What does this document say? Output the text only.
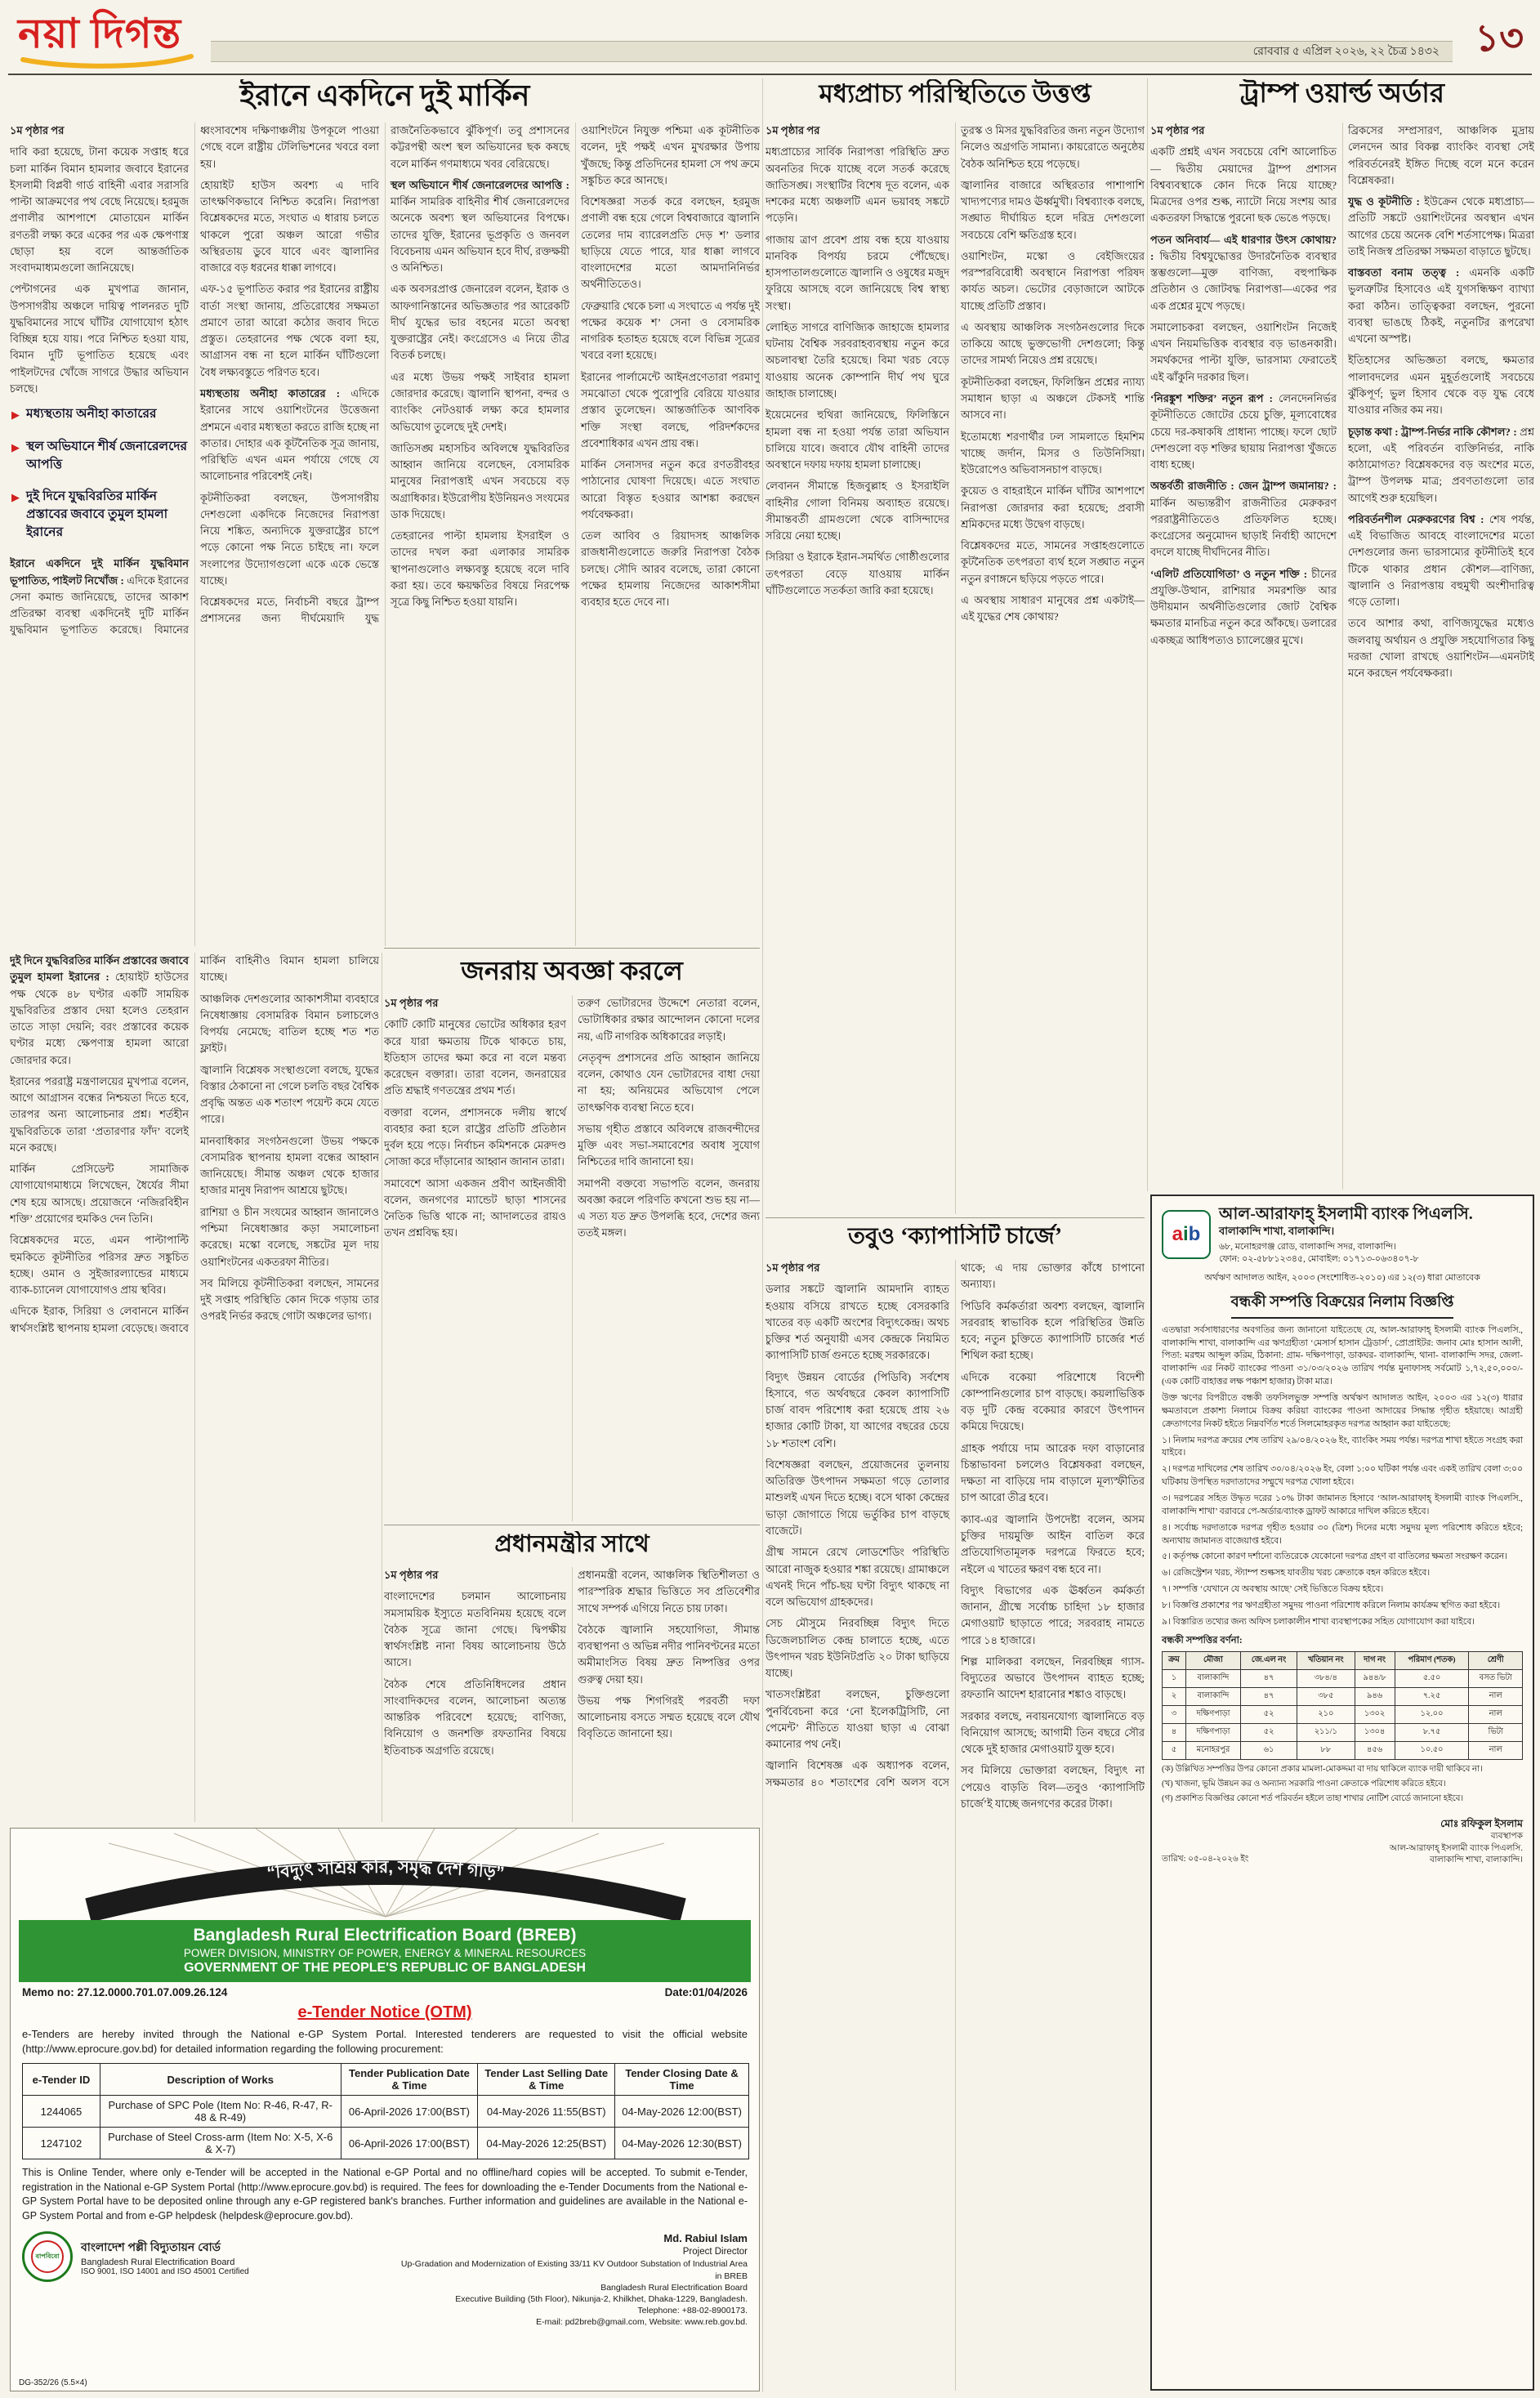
নয়া দিগন্ত	রোববার ৫ এপ্রিল ২০২৬, ২২ চৈত্র ১৪৩২ ১৩
ইরানে একদিনে দুই মার্কিন

১ম পৃষ্ঠার পর

দাবি করা হয়েছে, টানা কয়েক সপ্তাহ ধরে চলা মার্কিন বিমান হামলার জবাবে ইরানের ইসলামী বিপ্লবী গার্ড বাহিনী এবার সরাসরি পাল্টা আক্রমণের পথ বেছে নিয়েছে। হরমুজ প্রণালীর আশপাশে মোতায়েন মার্কিন রণতরী লক্ষ্য করে একের পর এক ক্ষেপণাস্ত্র ছোড়া হয় বলে আন্তর্জাতিক সংবাদমাধ্যমগুলো জানিয়েছে।

পেন্টাগনের এক মুখপাত্র জানান, উপসাগরীয় অঞ্চলে দায়িত্ব পালনরত দুটি যুদ্ধবিমানের সাথে ঘাঁটির যোগাযোগ হঠাৎ বিচ্ছিন্ন হয়ে যায়। পরে নিশ্চিত হওয়া যায়, বিমান দুটি ভূপাতিত হয়েছে এবং পাইলটদের খোঁজে সাগরে উদ্ধার অভিযান চলছে।

▶ মধ্যস্থতায় অনীহা কাতারের
▶ স্থল অভিযানে শীর্ষ জেনারেলদের আপত্তি
▶ দুই দিনে যুদ্ধবিরতির মার্কিন প্রস্তাবের জবাবে তুমুল হামলা ইরানের

ইরানে একদিনে দুই মার্কিন যুদ্ধবিমান ভূপাতিত, পাইলট নিখোঁজ : এদিকে ইরানের সেনা কমান্ড জানিয়েছে, তাদের আকাশ প্রতিরক্ষা ব্যবস্থা একদিনেই দুটি মার্কিন যুদ্ধবিমান ভূপাতিত করেছে। বিমানের ধ্বংসাবশেষ দক্ষিণাঞ্চলীয় উপকূলে পাওয়া গেছে বলে রাষ্ট্রীয় টেলিভিশনের খবরে বলা হয়।

হোয়াইট হাউস অবশ্য এ দাবি তাৎক্ষণিকভাবে নিশ্চিত করেনি। নিরাপত্তা বিশ্লেষকদের মতে, সংঘাত এ ধারায় চলতে থাকলে পুরো অঞ্চল আরো গভীর অস্থিরতায় ডুবে যাবে এবং জ্বালানির বাজারে বড় ধরনের ধাক্কা লাগবে।

এফ-১৫ ভূপাতিত করার পর ইরানের রাষ্ট্রীয় বার্তা সংস্থা জানায়, প্রতিরোধের সক্ষমতা প্রমাণে তারা আরো কঠোর জবাব দিতে প্রস্তুত। তেহরানের পক্ষ থেকে বলা হয়, আগ্রাসন বন্ধ না হলে মার্কিন ঘাঁটিগুলো বৈধ লক্ষ্যবস্তুতে পরিণত হবে।

মধ্যস্থতায় অনীহা কাতারের : এদিকে ইরানের সাথে ওয়াশিংটনের উত্তেজনা প্রশমনে এবার মধ্যস্থতা করতে রাজি হচ্ছে না কাতার। দোহার এক কূটনৈতিক সূত্র জানায়, পরিস্থিতি এখন এমন পর্যায়ে গেছে যে আলোচনার পরিবেশই নেই।

কূটনীতিকরা বলছেন, উপসাগরীয় দেশগুলো একদিকে নিজেদের নিরাপত্তা নিয়ে শঙ্কিত, অন্যদিকে যুক্তরাষ্ট্রের চাপে পড়ে কোনো পক্ষ নিতে চাইছে না। ফলে সংলাপের উদ্যোগগুলো একে একে ভেস্তে যাচ্ছে।

বিশ্লেষকদের মতে, নির্বাচনী বছরে ট্রাম্প প্রশাসনের জন্য দীর্ঘমেয়াদি যুদ্ধ রাজনৈতিকভাবে ঝুঁকিপূর্ণ। তবু প্রশাসনের কট্টরপন্থী অংশ স্থল অভিযানের ছক কষছে বলে মার্কিন গণমাধ্যমে খবর বেরিয়েছে।

স্থল অভিযানে শীর্ষ জেনারেলদের আপত্তি : মার্কিন সামরিক বাহিনীর শীর্ষ জেনারেলদের অনেকে অবশ্য স্থল অভিযানের বিপক্ষে। তাদের যুক্তি, ইরানের ভূপ্রকৃতি ও জনবল বিবেচনায় এমন অভিযান হবে দীর্ঘ, রক্তক্ষয়ী ও অনিশ্চিত।

এক অবসরপ্রাপ্ত জেনারেল বলেন, ইরাক ও আফগানিস্তানের অভিজ্ঞতার পর আরেকটি দীর্ঘ যুদ্ধের ভার বহনের মতো অবস্থা যুক্তরাষ্ট্রের নেই। কংগ্রেসেও এ নিয়ে তীব্র বিতর্ক চলছে।

এর মধ্যে উভয় পক্ষই সাইবার হামলা জোরদার করেছে। জ্বালানি স্থাপনা, বন্দর ও ব্যাংকিং নেটওয়ার্ক লক্ষ্য করে হামলার অভিযোগ তুলেছে দুই দেশই।

জাতিসঙ্ঘ মহাসচিব অবিলম্বে যুদ্ধবিরতির আহ্বান জানিয়ে বলেছেন, বেসামরিক মানুষের নিরাপত্তাই এখন সবচেয়ে বড় অগ্রাধিকার। ইউরোপীয় ইউনিয়নও সংযমের ডাক দিয়েছে।

তেহরানের পাল্টা হামলায় ইসরাইল ও তাদের দখল করা এলাকার সামরিক স্থাপনাগুলোও লক্ষ্যবস্তু হয়েছে বলে দাবি করা হয়। তবে ক্ষয়ক্ষতির বিষয়ে নিরপেক্ষ সূত্রে কিছু নিশ্চিত হওয়া যায়নি।

ওয়াশিংটনে নিযুক্ত পশ্চিমা এক কূটনীতিক বলেন, দুই পক্ষই এখন মুখরক্ষার উপায় খুঁজছে; কিন্তু প্রতিদিনের হামলা সে পথ ক্রমে সঙ্কুচিত করে আনছে।

বিশেষজ্ঞরা সতর্ক করে বলছেন, হরমুজ প্রণালী বন্ধ হয়ে গেলে বিশ্ববাজারে জ্বালানি তেলের দাম ব্যারেলপ্রতি দেড় শ’ ডলার ছাড়িয়ে যেতে পারে, যার ধাক্কা লাগবে বাংলাদেশের মতো আমদানিনির্ভর অর্থনীতিতেও।

ফেব্রুয়ারি থেকে চলা এ সংঘাতে এ পর্যন্ত দুই পক্ষের কয়েক শ’ সেনা ও বেসামরিক নাগরিক হতাহত হয়েছে বলে বিভিন্ন সূত্রের খবরে বলা হয়েছে।

ইরানের পার্লামেন্টে আইনপ্রণেতারা পরমাণু সমঝোতা থেকে পুরোপুরি বেরিয়ে যাওয়ার প্রস্তাব তুলেছেন। আন্তর্জাতিক আণবিক শক্তি সংস্থা বলছে, পরিদর্শকদের প্রবেশাধিকার এখন প্রায় বন্ধ।

মার্কিন সেনাসদর নতুন করে রণতরীবহর পাঠানোর ঘোষণা দিয়েছে। এতে সংঘাত আরো বিস্তৃত হওয়ার আশঙ্কা করছেন পর্যবেক্ষকরা।

তেল আবিব ও রিয়াদসহ আঞ্চলিক রাজধানীগুলোতে জরুরি নিরাপত্তা বৈঠক চলছে। সৌদি আরব বলেছে, তারা কোনো পক্ষের হামলায় নিজেদের আকাশসীমা ব্যবহার হতে দেবে না।

দুই দিনে যুদ্ধবিরতির মার্কিন প্রস্তাবের জবাবে তুমুল হামলা ইরানের : হোয়াইট হাউসের পক্ষ থেকে ৪৮ ঘণ্টার একটি সাময়িক যুদ্ধবিরতির প্রস্তাব দেয়া হলেও তেহরান তাতে সাড়া দেয়নি; বরং প্রস্তাবের কয়েক ঘণ্টার মধ্যে ক্ষেপণাস্ত্র হামলা আরো জোরদার করে।

ইরানের পররাষ্ট্র মন্ত্রণালয়ের মুখপাত্র বলেন, আগে আগ্রাসন বন্ধের নিশ্চয়তা দিতে হবে, তারপর অন্য আলোচনার প্রশ্ন। শর্তহীন যুদ্ধবিরতিকে তারা ‘প্রতারণার ফাঁদ’ বলেই মনে করছে।

মার্কিন প্রেসিডেন্ট সামাজিক যোগাযোগমাধ্যমে লিখেছেন, ধৈর্যের সীমা শেষ হয়ে আসছে। প্রয়োজনে ‘নজিরবিহীন শক্তি’ প্রয়োগের হুমকিও দেন তিনি।

বিশ্লেষকদের মতে, এমন পাল্টাপাল্টি হুমকিতে কূটনীতির পরিসর দ্রুত সঙ্কুচিত হচ্ছে। ওমান ও সুইজারল্যান্ডের মাধ্যমে ব্যাক-চ্যানেল যোগাযোগও প্রায় স্থবির।

এদিকে ইরাক, সিরিয়া ও লেবাননে মার্কিন স্বার্থসংশ্লিষ্ট স্থাপনায় হামলা বেড়েছে। জবাবে মার্কিন বাহিনীও বিমান হামলা চালিয়ে যাচ্ছে।

আঞ্চলিক দেশগুলোর আকাশসীমা ব্যবহারে নিষেধাজ্ঞায় বেসামরিক বিমান চলাচলেও বিপর্যয় নেমেছে; বাতিল হচ্ছে শত শত ফ্লাইট।

জ্বালানি বিশ্লেষক সংস্থাগুলো বলছে, যুদ্ধের বিস্তার ঠেকানো না গেলে চলতি বছর বৈশ্বিক প্রবৃদ্ধি অন্তত এক শতাংশ পয়েন্ট কমে যেতে পারে।

মানবাধিকার সংগঠনগুলো উভয় পক্ষকে বেসামরিক স্থাপনায় হামলা বন্ধের আহ্বান জানিয়েছে। সীমান্ত অঞ্চল থেকে হাজার হাজার মানুষ নিরাপদ আশ্রয়ে ছুটছে।

রাশিয়া ও চীন সংযমের আহ্বান জানালেও পশ্চিমা নিষেধাজ্ঞার কড়া সমালোচনা করেছে। মস্কো বলেছে, সঙ্কটের মূল দায় ওয়াশিংটনের একতরফা নীতির।

সব মিলিয়ে কূটনীতিকরা বলছেন, সামনের দুই সপ্তাহ পরিস্থিতি কোন দিকে গড়ায় তার ওপরই নির্ভর করছে গোটা অঞ্চলের ভাগ্য।

জনরায় অবজ্ঞা করলে

১ম পৃষ্ঠার পর

কোটি কোটি মানুষের ভোটের অধিকার হরণ করে যারা ক্ষমতায় টিকে থাকতে চায়, ইতিহাস তাদের ক্ষমা করে না বলে মন্তব্য করেছেন বক্তারা। তারা বলেন, জনরায়ের প্রতি শ্রদ্ধাই গণতন্ত্রের প্রথম শর্ত।

বক্তারা বলেন, প্রশাসনকে দলীয় স্বার্থে ব্যবহার করা হলে রাষ্ট্রের প্রতিটি প্রতিষ্ঠান দুর্বল হয়ে পড়ে। নির্বাচন কমিশনকে মেরুদণ্ড সোজা করে দাঁড়ানোর আহ্বান জানান তারা।

সমাবেশে আসা একজন প্রবীণ আইনজীবী বলেন, জনগণের ম্যান্ডেট ছাড়া শাসনের নৈতিক ভিত্তি থাকে না; আদালতের রায়ও তখন প্রশ্নবিদ্ধ হয়।

তরুণ ভোটারদের উদ্দেশে নেতারা বলেন, ভোটাধিকার রক্ষার আন্দোলন কোনো দলের নয়, এটি নাগরিক অধিকারের লড়াই।

নেতৃবৃন্দ প্রশাসনের প্রতি আহ্বান জানিয়ে বলেন, কোথাও যেন ভোটারদের বাধা দেয়া না হয়; অনিয়মের অভিযোগ পেলে তাৎক্ষণিক ব্যবস্থা নিতে হবে।

সভায় গৃহীত প্রস্তাবে অবিলম্বে রাজবন্দীদের মুক্তি এবং সভা-সমাবেশের অবাধ সুযোগ নিশ্চিতের দাবি জানানো হয়।

সমাপনী বক্তব্যে সভাপতি বলেন, জনরায় অবজ্ঞা করলে পরিণতি কখনো শুভ হয় না—এ সত্য যত দ্রুত উপলব্ধি হবে, দেশের জন্য ততই মঙ্গল।

প্রধানমন্ত্রীর সাথে

১ম পৃষ্ঠার পর

বাংলাদেশের চলমান আলোচনায় সমসাময়িক ইস্যুতে মতবিনিময় হয়েছে বলে বৈঠক সূত্রে জানা গেছে। দ্বিপক্ষীয় স্বার্থসংশ্লিষ্ট নানা বিষয় আলোচনায় উঠে আসে।

বৈঠক শেষে প্রতিনিধিদলের প্রধান সাংবাদিকদের বলেন, আলোচনা অত্যন্ত আন্তরিক পরিবেশে হয়েছে; বাণিজ্য, বিনিয়োগ ও জনশক্তি রফতানির বিষয়ে ইতিবাচক অগ্রগতি রয়েছে।

প্রধানমন্ত্রী বলেন, আঞ্চলিক স্থিতিশীলতা ও পারস্পরিক শ্রদ্ধার ভিত্তিতে সব প্রতিবেশীর সাথে সম্পর্ক এগিয়ে নিতে চায় ঢাকা।

বৈঠকে জ্বালানি সহযোগিতা, সীমান্ত ব্যবস্থাপনা ও অভিন্ন নদীর পানিবণ্টনের মতো অমীমাংসিত বিষয় দ্রুত নিষ্পত্তির ওপর গুরুত্ব দেয়া হয়।

উভয় পক্ষ শিগগিরই পরবর্তী দফা আলোচনায় বসতে সম্মত হয়েছে বলে যৌথ বিবৃতিতে জানানো হয়।

মধ্যপ্রাচ্য পরিস্থিতিতে উত্তপ্ত

১ম পৃষ্ঠার পর

মধ্যপ্রাচ্যের সার্বিক নিরাপত্তা পরিস্থিতি দ্রুত অবনতির দিকে যাচ্ছে বলে সতর্ক করেছে জাতিসঙ্ঘ। সংস্থাটির বিশেষ দূত বলেন, এক দশকের মধ্যে অঞ্চলটি এমন ভয়াবহ সঙ্কটে পড়েনি।

গাজায় ত্রাণ প্রবেশ প্রায় বন্ধ হয়ে যাওয়ায় মানবিক বিপর্যয় চরমে পৌঁছেছে। হাসপাতালগুলোতে জ্বালানি ও ওষুধের মজুদ ফুরিয়ে আসছে বলে জানিয়েছে বিশ্ব স্বাস্থ্য সংস্থা।

লোহিত সাগরে বাণিজ্যিক জাহাজে হামলার ঘটনায় বৈশ্বিক সরবরাহব্যবস্থায় নতুন করে অচলাবস্থা তৈরি হয়েছে। বিমা খরচ বেড়ে যাওয়ায় অনেক কোম্পানি দীর্ঘ পথ ঘুরে জাহাজ চালাচ্ছে।

ইয়েমেনের হুথিরা জানিয়েছে, ফিলিস্তিনে হামলা বন্ধ না হওয়া পর্যন্ত তারা অভিযান চালিয়ে যাবে। জবাবে যৌথ বাহিনী তাদের অবস্থানে দফায় দফায় হামলা চালাচ্ছে।

লেবানন সীমান্তে হিজবুল্লাহ ও ইসরাইলি বাহিনীর গোলা বিনিময় অব্যাহত রয়েছে। সীমান্তবর্তী গ্রামগুলো থেকে বাসিন্দাদের সরিয়ে নেয়া হচ্ছে।

সিরিয়া ও ইরাকে ইরান-সমর্থিত গোষ্ঠীগুলোর তৎপরতা বেড়ে যাওয়ায় মার্কিন ঘাঁটিগুলোতে সতর্কতা জারি করা হয়েছে।

তুরস্ক ও মিসর যুদ্ধবিরতির জন্য নতুন উদ্যোগ নিলেও অগ্রগতি সামান্য। কায়রোতে অনুষ্ঠেয় বৈঠক অনিশ্চিত হয়ে পড়েছে।

জ্বালানির বাজারে অস্থিরতার পাশাপাশি খাদ্যপণ্যের দামও ঊর্ধ্বমুখী। বিশ্বব্যাংক বলছে, সঙ্ঘাত দীর্ঘায়িত হলে দরিদ্র দেশগুলো সবচেয়ে বেশি ক্ষতিগ্রস্ত হবে।

ওয়াশিংটন, মস্কো ও বেইজিংয়ের পরস্পরবিরোধী অবস্থানে নিরাপত্তা পরিষদ কার্যত অচল। ভেটোর বেড়াজালে আটকে যাচ্ছে প্রতিটি প্রস্তাব।

এ অবস্থায় আঞ্চলিক সংগঠনগুলোর দিকে তাকিয়ে আছে ভুক্তভোগী দেশগুলো; কিন্তু তাদের সামর্থ্য নিয়েও প্রশ্ন রয়েছে।

কূটনীতিকরা বলছেন, ফিলিস্তিন প্রশ্নের ন্যায্য সমাধান ছাড়া এ অঞ্চলে টেকসই শান্তি আসবে না।

ইতোমধ্যে শরণার্থীর ঢল সামলাতে হিমশিম খাচ্ছে জর্দান, মিসর ও তিউনিসিয়া। ইউরোপেও অভিবাসনচাপ বাড়ছে।

কুয়েত ও বাহরাইনে মার্কিন ঘাঁটির আশপাশে নিরাপত্তা জোরদার করা হয়েছে; প্রবাসী শ্রমিকদের মধ্যে উদ্বেগ বাড়ছে।

বিশ্লেষকদের মতে, সামনের সপ্তাহগুলোতে কূটনৈতিক তৎপরতা ব্যর্থ হলে সঙ্ঘাত নতুন নতুন রণাঙ্গনে ছড়িয়ে পড়তে পারে।

এ অবস্থায় সাধারণ মানুষের প্রশ্ন একটাই—এই যুদ্ধের শেষ কোথায়?

তবুও ‘ক্যাপাসিটি চার্জে’

১ম পৃষ্ঠার পর

ডলার সঙ্কটে জ্বালানি আমদানি ব্যাহত হওয়ায় বসিয়ে রাখতে হচ্ছে বেসরকারি খাতের বড় একটি অংশের বিদ্যুৎকেন্দ্র। অথচ চুক্তির শর্ত অনুযায়ী এসব কেন্দ্রকে নিয়মিত ক্যাপাসিটি চার্জ গুনতে হচ্ছে সরকারকে।

বিদ্যুৎ উন্নয়ন বোর্ডের (পিডিবি) সর্বশেষ হিসাবে, গত অর্থবছরে কেবল ক্যাপাসিটি চার্জ বাবদ পরিশোধ করা হয়েছে প্রায় ২৬ হাজার কোটি টাকা, যা আগের বছরের চেয়ে ১৮ শতাংশ বেশি।

বিশেষজ্ঞরা বলছেন, প্রয়োজনের তুলনায় অতিরিক্ত উৎপাদন সক্ষমতা গড়ে তোলার মাশুলই এখন দিতে হচ্ছে। বসে থাকা কেন্দ্রের ভাড়া জোগাতে গিয়ে ভর্তুকির চাপ বাড়ছে বাজেটে।

গ্রীষ্ম সামনে রেখে লোডশেডিং পরিস্থিতি আরো নাজুক হওয়ার শঙ্কা রয়েছে। গ্রামাঞ্চলে এখনই দিনে পাঁচ-ছয় ঘণ্টা বিদ্যুৎ থাকছে না বলে অভিযোগ গ্রাহকদের।

সেচ মৌসুমে নিরবচ্ছিন্ন বিদ্যুৎ দিতে ডিজেলচালিত কেন্দ্র চালাতে হচ্ছে, এতে উৎপাদন খরচ ইউনিটপ্রতি ২০ টাকা ছাড়িয়ে যাচ্ছে।

খাতসংশ্লিষ্টরা বলছেন, চুক্তিগুলো পুনর্বিবেচনা করে ‘নো ইলেকট্রিসিটি, নো পেমেন্ট’ নীতিতে যাওয়া ছাড়া এ বোঝা কমানোর পথ নেই।

জ্বালানি বিশেষজ্ঞ এক অধ্যাপক বলেন, সক্ষমতার ৪০ শতাংশের বেশি অলস বসে থাকে; এ দায় ভোক্তার কাঁধে চাপানো অন্যায্য।

পিডিবি কর্মকর্তারা অবশ্য বলছেন, জ্বালানি সরবরাহ স্বাভাবিক হলে পরিস্থিতির উন্নতি হবে; নতুন চুক্তিতে ক্যাপাসিটি চার্জের শর্ত শিথিল করা হচ্ছে।

এদিকে বকেয়া পরিশোধে বিদেশী কোম্পানিগুলোর চাপ বাড়ছে। কয়লাভিত্তিক বড় দুটি কেন্দ্র বকেয়ার কারণে উৎপাদন কমিয়ে দিয়েছে।

গ্রাহক পর্যায়ে দাম আরেক দফা বাড়ানোর চিন্তাভাবনা চললেও বিশ্লেষকরা বলছেন, দক্ষতা না বাড়িয়ে দাম বাড়ালে মূল্যস্ফীতির চাপ আরো তীব্র হবে।

ক্যাব-এর জ্বালানি উপদেষ্টা বলেন, অসম চুক্তির দায়মুক্তি আইন বাতিল করে প্রতিযোগিতামূলক দরপত্রে ফিরতে হবে; নইলে এ খাতের ক্ষরণ বন্ধ হবে না।

বিদ্যুৎ বিভাগের এক ঊর্ধ্বতন কর্মকর্তা জানান, গ্রীষ্মে সর্বোচ্চ চাহিদা ১৮ হাজার মেগাওয়াট ছাড়াতে পারে; সরবরাহ নামতে পারে ১৪ হাজারে।

শিল্প মালিকরা বলছেন, নিরবচ্ছিন্ন গ্যাস-বিদ্যুতের অভাবে উৎপাদন ব্যাহত হচ্ছে; রফতানি আদেশ হারানোর শঙ্কাও বাড়ছে।

সরকার বলছে, নবায়নযোগ্য জ্বালানিতে বড় বিনিয়োগ আসছে; আগামী তিন বছরে সৌর থেকে দুই হাজার মেগাওয়াট যুক্ত হবে।

সব মিলিয়ে ভোক্তারা বলছেন, বিদ্যুৎ না পেয়েও বাড়তি বিল—তবুও ‘ক্যাপাসিটি চার্জে’ই যাচ্ছে জনগণের করের টাকা।

ট্রাম্প ওয়ার্ল্ড অর্ডার

১ম পৃষ্ঠার পর

একটি প্রশ্নই এখন সবচেয়ে বেশি আলোচিত— দ্বিতীয় মেয়াদের ট্রাম্প প্রশাসন বিশ্বব্যবস্থাকে কোন দিকে নিয়ে যাচ্ছে? মিত্রদের ওপর শুল্ক, ন্যাটো নিয়ে সংশয় আর একতরফা সিদ্ধান্তে পুরনো ছক ভেঙে পড়ছে।

পতন অনিবার্য— এই ধারণার উৎস কোথায়? : দ্বিতীয় বিশ্বযুদ্ধোত্তর উদারনৈতিক ব্যবস্থার স্তম্ভগুলো—মুক্ত বাণিজ্য, বহুপাক্ষিক প্রতিষ্ঠান ও জোটবদ্ধ নিরাপত্তা—একের পর এক প্রশ্নের মুখে পড়ছে।

সমালোচকরা বলছেন, ওয়াশিংটন নিজেই এখন নিয়মভিত্তিক ব্যবস্থার বড় ভাঙনকারী। সমর্থকদের পাল্টা যুক্তি, ভারসাম্য ফেরাতেই এই ঝাঁকুনি দরকার ছিল।

‘নিরঙ্কুশ শক্তির’ নতুন রূপ : লেনদেননির্ভর কূটনীতিতে জোটের চেয়ে চুক্তি, মূল্যবোধের চেয়ে দর-কষাকষি প্রাধান্য পাচ্ছে। ফলে ছোট দেশগুলো বড় শক্তির ছায়ায় নিরাপত্তা খুঁজতে বাধ্য হচ্ছে।

অন্তর্বর্তী রাজনীতি : জেন ট্রাম্প জমানায়? : মার্কিন অভ্যন্তরীণ রাজনীতির মেরুকরণ পররাষ্ট্রনীতিতেও প্রতিফলিত হচ্ছে। কংগ্রেসের অনুমোদন ছাড়াই নির্বাহী আদেশে বদলে যাচ্ছে দীর্ঘদিনের নীতি।

‘এলিট প্রতিযোগিতা’ ও নতুন শক্তি : চীনের প্রযুক্তি-উত্থান, রাশিয়ার সমরশক্তি আর উদীয়মান অর্থনীতিগুলোর জোট বৈশ্বিক ক্ষমতার মানচিত্র নতুন করে আঁকছে। ডলারের একচ্ছত্র আধিপত্যও চ্যালেঞ্জের মুখে।

ব্রিকসের সম্প্রসারণ, আঞ্চলিক মুদ্রায় লেনদেন আর বিকল্প ব্যাংকিং ব্যবস্থা সেই পরিবর্তনেরই ইঙ্গিত দিচ্ছে বলে মনে করেন বিশ্লেষকরা।

যুদ্ধ ও কূটনীতি : ইউক্রেন থেকে মধ্যপ্রাচ্য—প্রতিটি সঙ্কটে ওয়াশিংটনের অবস্থান এখন আগের চেয়ে অনেক বেশি শর্তসাপেক্ষ। মিত্ররা তাই নিজস্ব প্রতিরক্ষা সক্ষমতা বাড়াতে ছুটছে।

বাস্তবতা বনাম তত্ত্ব : এমনকি একটি ভুলত্রুটির হিসাবেও এই যুগসন্ধিক্ষণ ব্যাখ্যা করা কঠিন। তাত্ত্বিকরা বলছেন, পুরনো ব্যবস্থা ভাঙছে ঠিকই, নতুনটির রূপরেখা এখনো অস্পষ্ট।

ইতিহাসের অভিজ্ঞতা বলছে, ক্ষমতার পালাবদলের এমন মুহূর্তগুলোই সবচেয়ে ঝুঁকিপূর্ণ; ভুল হিসাব থেকে বড় যুদ্ধ বেধে যাওয়ার নজির কম নয়।

চূড়ান্ত কথা : ট্রাম্প-নির্ভর নাকি কৌশল? : প্রশ্ন হলো, এই পরিবর্তন ব্যক্তিনির্ভর, নাকি কাঠামোগত? বিশ্লেষকদের বড় অংশের মতে, ট্রাম্প উপলক্ষ মাত্র; প্রবণতাগুলো তার আগেই শুরু হয়েছিল।

পরিবর্তনশীল মেরুকরণের বিশ্ব : শেষ পর্যন্ত, এই বিভাজিত আবহে বাংলাদেশের মতো দেশগুলোর জন্য ভারসাম্যের কূটনীতিই হবে টিকে থাকার প্রধান কৌশল—বাণিজ্য, জ্বালানি ও নিরাপত্তায় বহুমুখী অংশীদারিত্ব গড়ে তোলা।

তবে আশার কথা, বাণিজ্যযুদ্ধের মধ্যেও জলবায়ু অর্থায়ন ও প্রযুক্তি সহযোগিতার কিছু দরজা খোলা রাখছে ওয়াশিংটন—এমনটাই মনে করছেন পর্যবেক্ষকরা।

a i b
আল-আরাফাহ্ ইসলামী ব্যাংক পিএলসি.
বালাকান্দি শাখা, বালাকান্দি।
৬৮, মনোহরগঞ্জ রোড, বালাকান্দি সদর, বালাকান্দি।
ফোন: ০২-৫৮৮১২৩৪৫, মোবাইল: ০১৭১৩-০৬৩৪০৭-৮
অর্থঋণ আদালত আইন, ২০০৩ (সংশোধিত-২০১০) এর ১২(৩) ধারা মোতাবেক
বন্ধকী সম্পত্তি বিক্রয়ের নিলাম বিজ্ঞপ্তি

এতদ্বারা সর্বসাধারণের অবগতির জন্য জানানো যাইতেছে যে, আল-আরাফাহ্ ইসলামী ব্যাংক পিএলসি., বালাকান্দি শাখা, বালাকান্দি এর ঋণগ্রহীতা ‘মেসার্স হাসান ট্রেডার্স’, প্রোপ্রাইটর: জনাব মোঃ হাসান আলী, পিতা: মরহুম আব্দুল করিম, ঠিকানা: গ্রাম- দক্ষিণপাড়া, ডাকঘর- বালাকান্দি, থানা- বালাকান্দি সদর, জেলা- বালাকান্দি এর নিকট ব্যাংকের পাওনা ৩১/০৩/২০২৬ তারিখ পর্যন্ত মুনাফাসহ সর্বমোট ১,৭২,৫০,০০০/- (এক কোটি বাহাত্তর লক্ষ পঞ্চাশ হাজার) টাকা মাত্র।

উক্ত ঋণের বিপরীতে বন্ধকী তফসিলভুক্ত সম্পত্তি অর্থঋণ আদালত আইন, ২০০৩ এর ১২(৩) ধারার ক্ষমতাবলে প্রকাশ্য নিলামে বিক্রয় করিয়া ব্যাংকের পাওনা আদায়ের সিদ্ধান্ত গৃহীত হইয়াছে। আগ্রহী ক্রেতাগণের নিকট হইতে নিম্নবর্ণিত শর্তে সিলমোহরকৃত দরপত্র আহ্বান করা যাইতেছে:

১। নিলাম দরপত্র ক্রয়ের শেষ তারিখ ২৯/০৪/২০২৬ ইং, ব্যাংকিং সময় পর্যন্ত। দরপত্র শাখা হইতে সংগ্রহ করা যাইবে।

২। দরপত্র দাখিলের শেষ তারিখ ৩০/০৪/২০২৬ ইং, বেলা ১:০০ ঘটিকা পর্যন্ত এবং একই তারিখ বেলা ৩:০০ ঘটিকায় উপস্থিত দরদাতাদের সম্মুখে দরপত্র খোলা হইবে।

৩। দরপত্রের সহিত উদ্ধৃত দরের ১০% টাকা জামানত হিসাবে ‘আল-আরাফাহ্ ইসলামী ব্যাংক পিএলসি., বালাকান্দি শাখা’ বরাবরে পে-অর্ডার/ব্যাংক ড্রাফট আকারে দাখিল করিতে হইবে।

৪। সর্বোচ্চ দরদাতাকে দরপত্র গৃহীত হওয়ার ৩০ (ত্রিশ) দিনের মধ্যে সমুদয় মূল্য পরিশোধ করিতে হইবে; অন্যথায় জামানত বাজেয়াপ্ত হইবে।

৫। কর্তৃপক্ষ কোনো কারণ দর্শানো ব্যতিরেকে যেকোনো দরপত্র গ্রহণ বা বাতিলের ক্ষমতা সংরক্ষণ করেন।

৬। রেজিস্ট্রেশন খরচ, স্ট্যাম্প শুল্কসহ যাবতীয় খরচ ক্রেতাকে বহন করিতে হইবে।

৭। সম্পত্তি ‘যেখানে যে অবস্থায় আছে’ সেই ভিত্তিতে বিক্রয় হইবে।

৮। বিজ্ঞপ্তি প্রকাশের পর ঋণগ্রহীতা সমুদয় পাওনা পরিশোধ করিলে নিলাম কার্যক্রম স্থগিত করা হইবে।

৯। বিস্তারিত তথ্যের জন্য অফিস চলাকালীন শাখা ব্যবস্থাপকের সহিত যোগাযোগ করা যাইবে।

বন্ধকী সম্পত্তির বর্ণনা:
ক্রম	মৌজা	জে.এল নং	খতিয়ান নং	দাগ নং	পরিমাণ (শতক)	শ্রেণী
১	বালাকান্দি	৪৭	৩৮৪/৪	৯৪৪/৮	৫.৫০	বসত ভিটা
২	বালাকান্দি	৪৭	৩৮৫	৯৪৬	৭.২৫	নাল
৩	দক্ষিণপাড়া	৫২	২১০	১৩০২	১২.০০	নাল
৪	দক্ষিণপাড়া	৫২	২১১/১	১৩০৪	৮.৭৫	ভিটা
৫	মনোহরপুর	৬১	৮৮	৪৫৬	১০.৫০	নাল

(ক) উল্লিখিত সম্পত্তির উপর কোনো প্রকার মামলা-মোকদ্দমা বা দায় থাকিলে ব্যাংক দায়ী থাকিবে না।

(খ) খাজনা, ভূমি উন্নয়ন কর ও অন্যান্য সরকারি পাওনা ক্রেতাকে পরিশোধ করিতে হইবে।

(গ) প্রকাশিত বিজ্ঞপ্তির কোনো শর্ত পরিবর্তন হইলে তাহা শাখার নোটিশ বোর্ডে জানানো হইবে।

তারিখ: ০৫-০৪-২০২৬ ইং
মোঃ রফিকুল ইসলাম
ব্যবস্থাপক
আল-আরাফাহ্ ইসলামী ব্যাংক পিএলসি.
বালাকান্দি শাখা, বালাকান্দি।
“বিদ্যুৎ সাশ্রয় করি, সমৃদ্ধ দেশ গড়ি”
Bangladesh Rural Electrification Board (BREB)
POWER DIVISION, MINISTRY OF POWER, ENERGY & MINERAL RESOURCES
GOVERNMENT OF THE PEOPLE'S REPUBLIC OF BANGLADESH
Memo no: 27.12.0000.701.07.009.26.124	Date:01/04/2026
e-Tender Notice (OTM)
e-Tenders are hereby invited through the National e-GP System Portal. Interested tenderers are requested to visit the official website (http://www.eprocure.gov.bd) for detailed information regarding the following procurement:
e-Tender ID	Description of Works	Tender Publication Date & Time	Tender Last Selling Date & Time	Tender Closing Date & Time
1244065	Purchase of SPC Pole (Item No: R-46, R-47, R-48 & R-49)	06-April-2026 17:00(BST)	04-May-2026 11:55(BST)	04-May-2026 12:00(BST)
1247102	Purchase of Steel Cross-arm (Item No: X-5, X-6 & X-7)	06-April-2026 17:00(BST)	04-May-2026 12:25(BST)	04-May-2026 12:30(BST)
This is Online Tender, where only e-Tender will be accepted in the National e-GP Portal and no offline/hard copies will be accepted. To submit e-Tender, registration in the National e-GP System Portal (http://www.eprocure.gov.bd) is required. The fees for downloading the e-Tender Documents from the National e-GP System Portal have to be deposited online through any e-GP registered bank's branches. Further information and guidelines are available in the National e-GP System Portal and from e-GP helpdesk (helpdesk@eprocure.gov.bd).
বাপবিবো
বাংলাদেশ পল্লী বিদ্যুতায়ন বোর্ড
Bangladesh Rural Electrification Board
ISO 9001, ISO 14001 and ISO 45001 Certified
Md. Rabiul Islam
Project Director
Up-Gradation and Modernization of Existing 33/11 KV Outdoor Substation of Industrial Area in BREB
Bangladesh Rural Electrification Board
Executive Building (5th Floor), Nikunja-2, Khilkhet, Dhaka-1229, Bangladesh.
Telephone: +88-02-8900173.
E-mail: pd2breb@gmail.com, Website: www.reb.gov.bd.
DG-352/26 (5.5×4)
